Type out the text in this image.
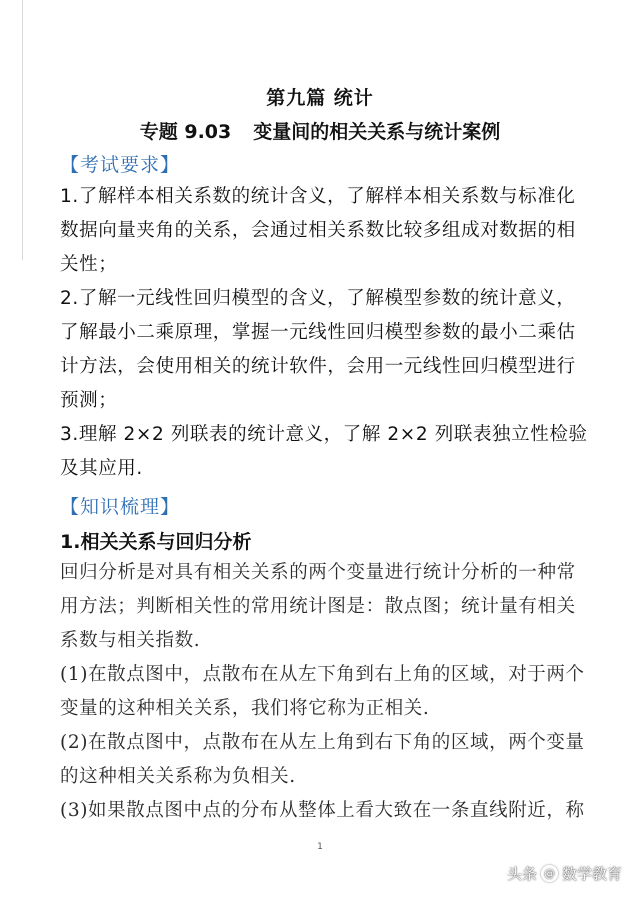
第九篇 统计
专题 9.03 变量间的相关关系与统计案例
【考试要求】
1.了解样本相关系数的统计含义，了解样本相关系数与标准化
数据向量夹角的关系，会通过相关系数比较多组成对数据的相
关性；
2.了解一元线性回归模型的含义，了解模型参数的统计意义，
了解最小二乘原理，掌握一元线性回归模型参数的最小二乘估
计方法，会使用相关的统计软件，会用一元线性回归模型进行
预测；
3.理解 2×2 列联表的统计意义，了解 2×2 列联表独立性检验
及其应用.
【知识梳理】
1.相关关系与回归分析
回归分析是对具有相关关系的两个变量进行统计分析的一种常
用方法；判断相关性的常用统计图是：散点图；统计量有相关
系数与相关指数.
(1)在散点图中，点散布在从左下角到右上角的区域，对于两个
变量的这种相关关系，我们将它称为正相关.
(2)在散点图中，点散布在从左上角到右下角的区域，两个变量
的这种相关关系称为负相关.
(3)如果散点图中点的分布从整体上看大致在一条直线附近，称
1
头条 @ 数学教育
